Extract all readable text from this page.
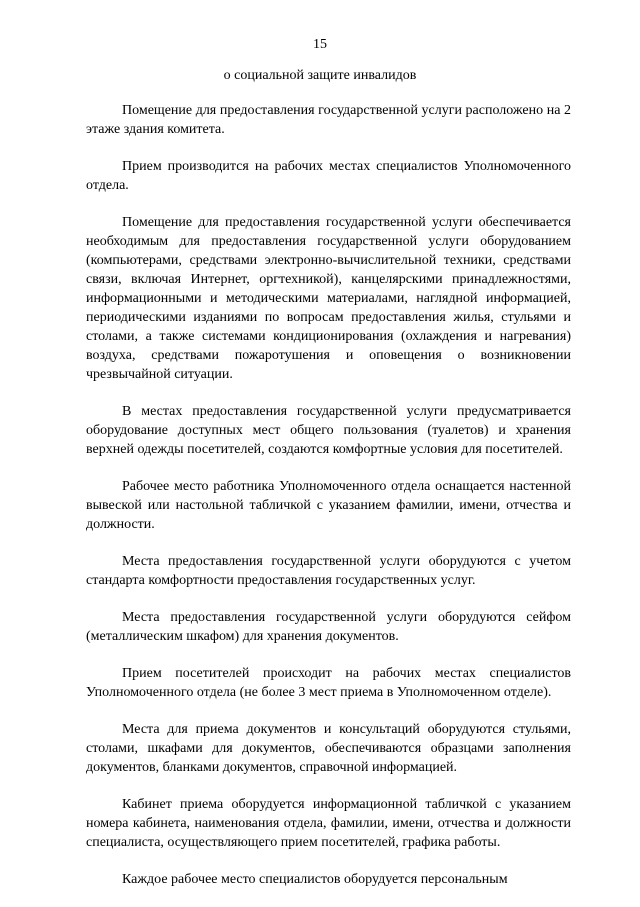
15
о социальной защите инвалидов

Помещение для предоставления государственной услуги расположено на 2 этаже здания комитета.

Прием производится на рабочих местах специалистов Уполномоченного отдела.

Помещение для предоставления государственной услуги обеспечивается необходимым для предоставления государственной услуги оборудованием (компьютерами, средствами электронно-вычислительной техники, средствами связи, включая Интернет, оргтехникой), канцелярскими принадлежностями, информационными и методическими материалами, наглядной информацией, периодическими изданиями по вопросам предоставления жилья, стульями и столами, а также системами кондиционирования (охлаждения и нагревания) воздуха, средствами пожаротушения и оповещения о возникновении чрезвычайной ситуации.

В местах предоставления государственной услуги предусматривается оборудование доступных мест общего пользования (туалетов) и хранения верхней одежды посетителей, создаются комфортные условия для посетителей.

Рабочее место работника Уполномоченного отдела оснащается настенной вывеской или настольной табличкой с указанием фамилии, имени, отчества и должности.

Места предоставления государственной услуги оборудуются с учетом стандарта комфортности предоставления государственных услуг.

Места предоставления государственной услуги оборудуются сейфом (металлическим шкафом) для хранения документов.

Прием посетителей происходит на рабочих местах специалистов Уполномоченного отдела (не более 3 мест приема в Уполномоченном отделе).

Места для приема документов и консультаций оборудуются стульями, столами, шкафами для документов, обеспечиваются образцами заполнения документов, бланками документов, справочной информацией.

Кабинет приема оборудуется информационной табличкой с указанием номера кабинета, наименования отдела, фамилии, имени, отчества и должности специалиста, осуществляющего прием посетителей, графика работы.

Каждое рабочее место специалистов оборудуется персональным
